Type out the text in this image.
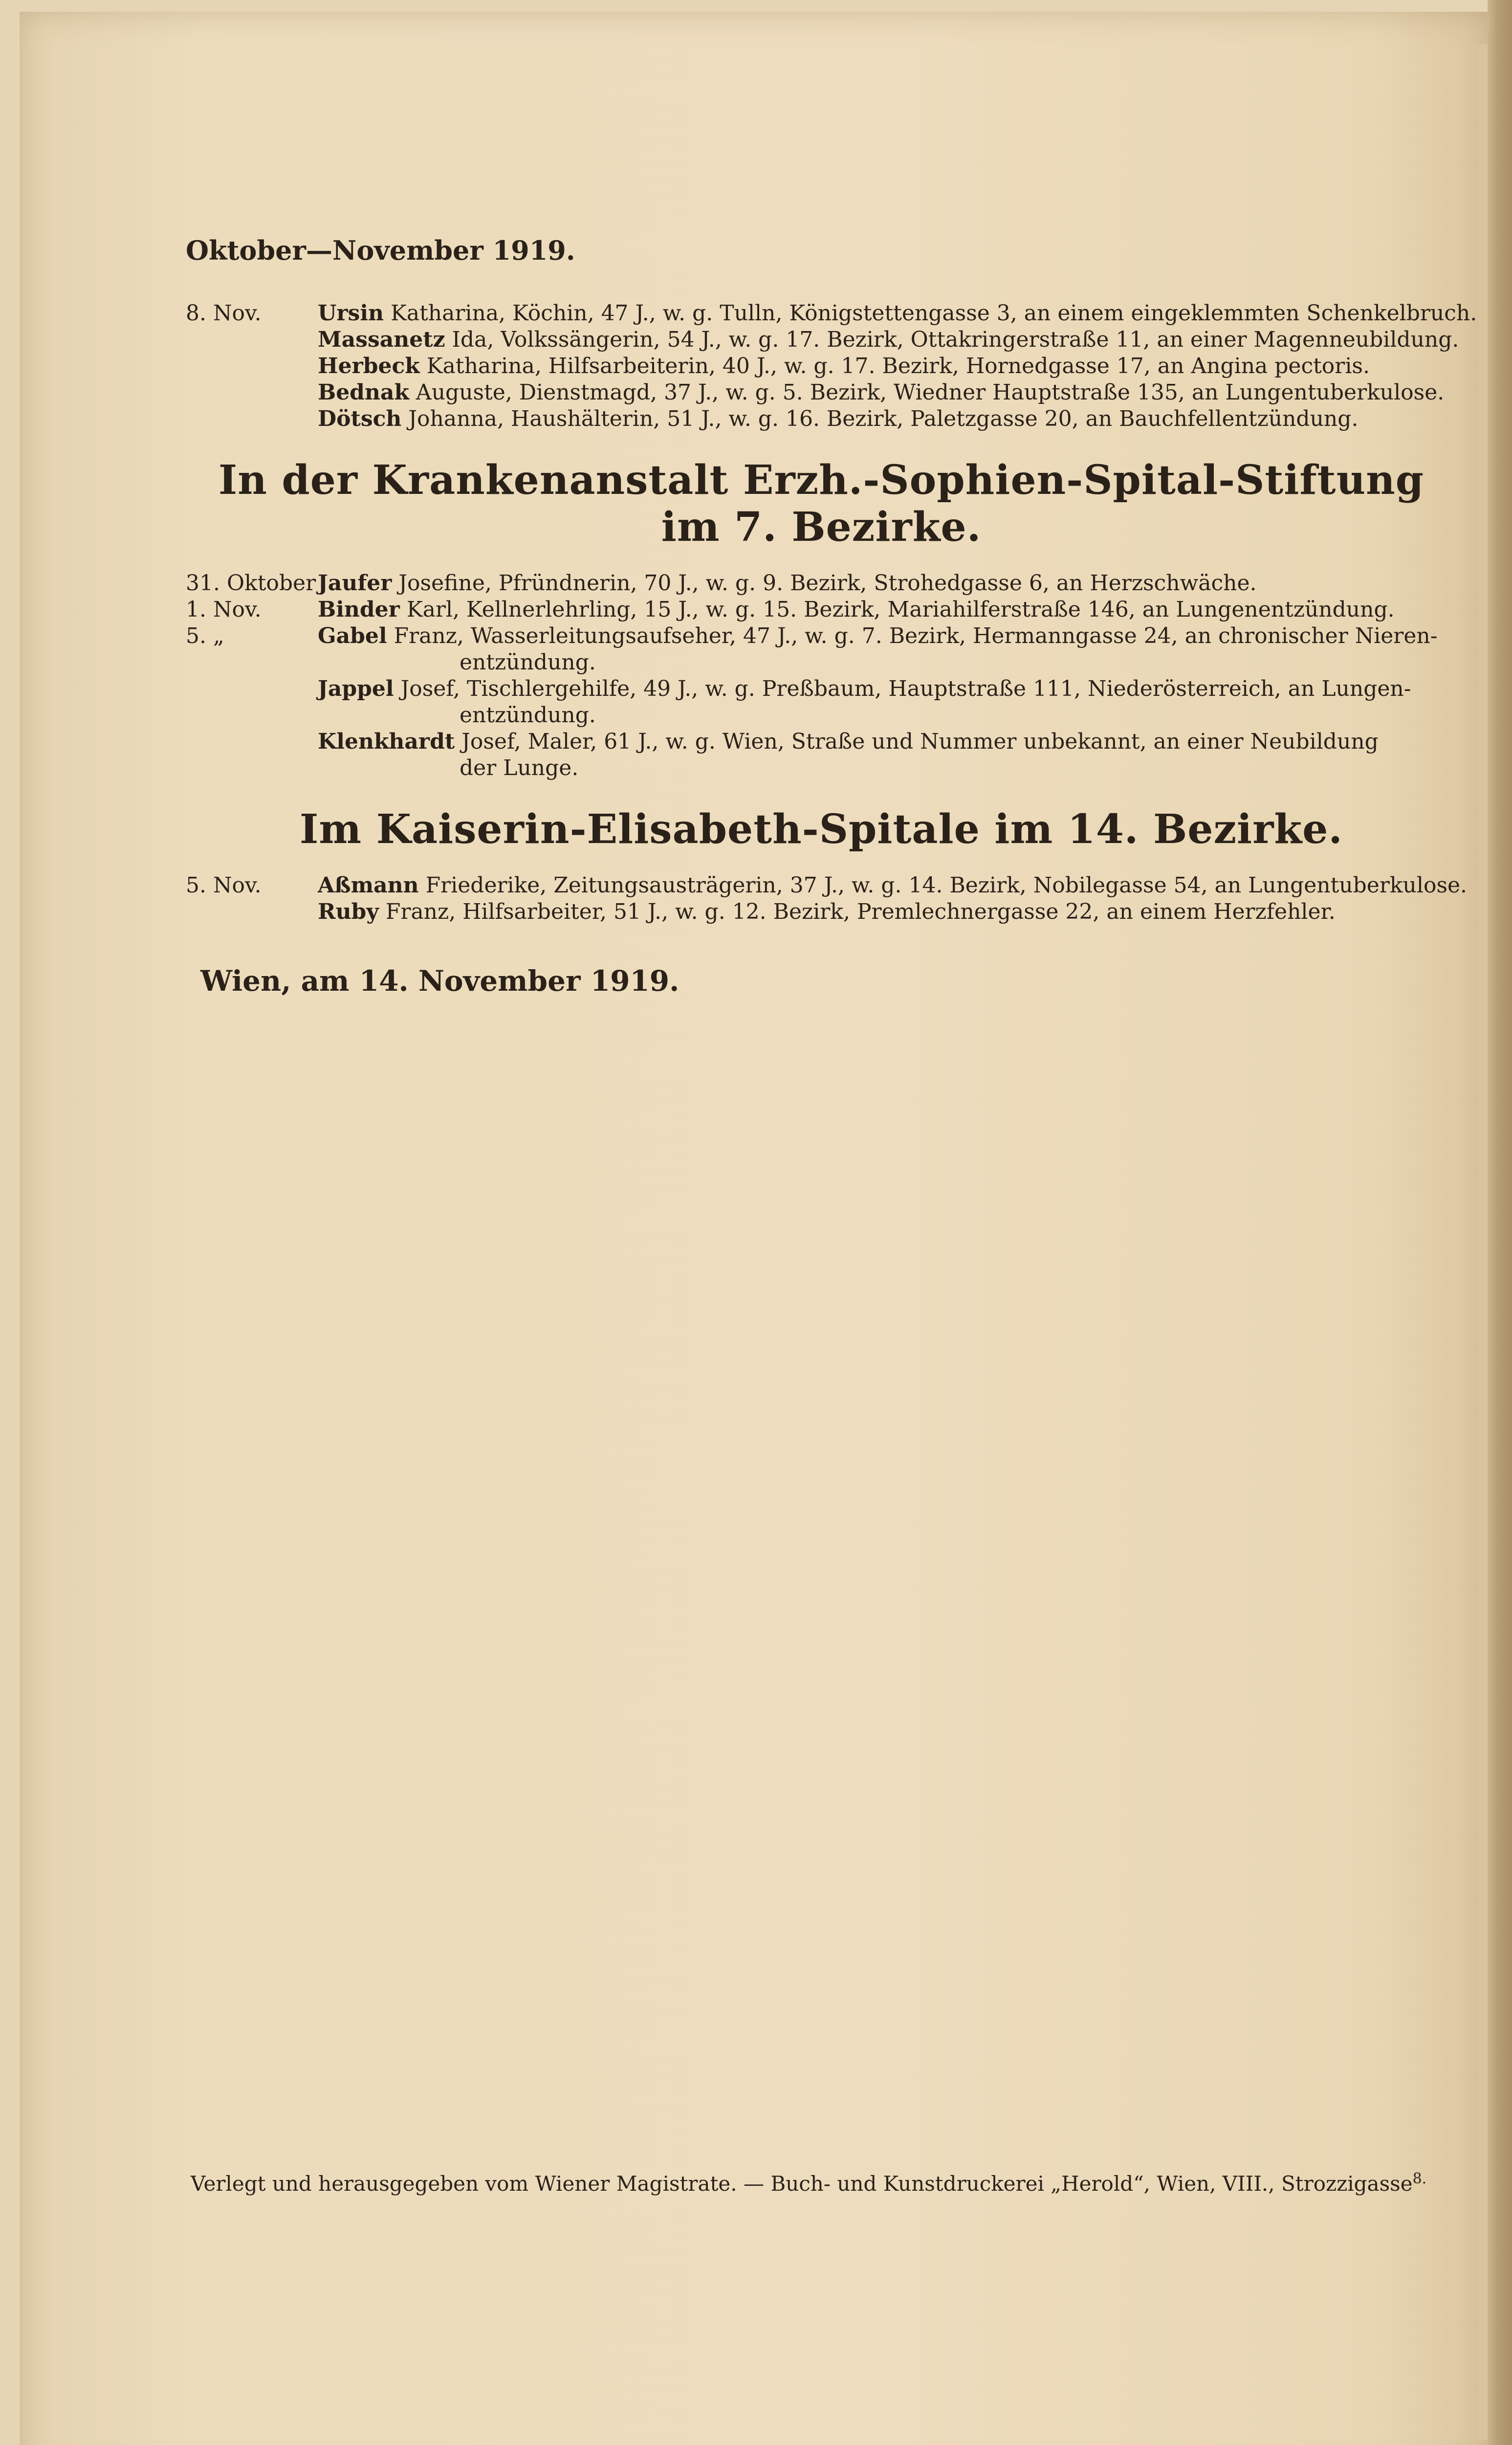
Oktober—November 1919.
8. Nov.	Ursin Katharina, Köchin, 47 J., w. g. Tulln, Königstettengasse 3, an einem eingeklemmten Schenkelbruch.
Massanetz Ida, Volkssängerin, 54 J., w. g. 17. Bezirk, Ottakringerstraße 11, an einer Magenneubildung.
Herbeck Katharina, Hilfsarbeiterin, 40 J., w. g. 17. Bezirk, Hornedgasse 17, an Angina pectoris.
Bednak Auguste, Dienstmagd, 37 J., w. g. 5. Bezirk, Wiedner Hauptstraße 135, an Lungentuberkulose.
Dötsch Johanna, Haushälterin, 51 J., w. g. 16. Bezirk, Paletzgasse 20, an Bauchfellentzündung.
In der Krankenanstalt Erzh.-Sophien-Spital-Stiftung im 7. Bezirke.
31. Oktober Jaufer Josefine, Pfründnerin, 70 J., w. g. 9. Bezirk, Strohedgasse 6, an Herzschwäche.
1. Nov.	Binder Karl, Kellnerlehrling, 15 J., w. g. 15. Bezirk, Mariahilferstraße 146, an Lungenentzündung.
5. „	Gabel Franz, Wasserleitungsaufseher, 47 J., w. g. 7. Bezirk, Hermanngasse 24, an chronischer Nieren-
entzündung.
Jappel Josef, Tischlergehilfe, 49 J., w. g. Preßbaum, Hauptstraße 111, Niederösterreich, an Lungen-
entzündung.
Klenkhardt Josef, Maler, 61 J., w. g. Wien, Straße und Nummer unbekannt, an einer Neubildung
der Lunge.
Im Kaiserin-Elisabeth-Spitale im 14. Bezirke.
5. Nov.	Aßmann Friederike, Zeitungsausträgerin, 37 J., w. g. 14. Bezirk, Nobilegasse 54, an Lungentuberkulose.
Ruby Franz, Hilfsarbeiter, 51 J., w. g. 12. Bezirk, Premlechnergasse 22, an einem Herzfehler.
Wien, am 14. November 1919.
Verlegt und herausgegeben vom Wiener Magistrate. — Buch- und Kunstdruckerei „Herold“, Wien, VIII., Strozzigasse$^{8.}$
